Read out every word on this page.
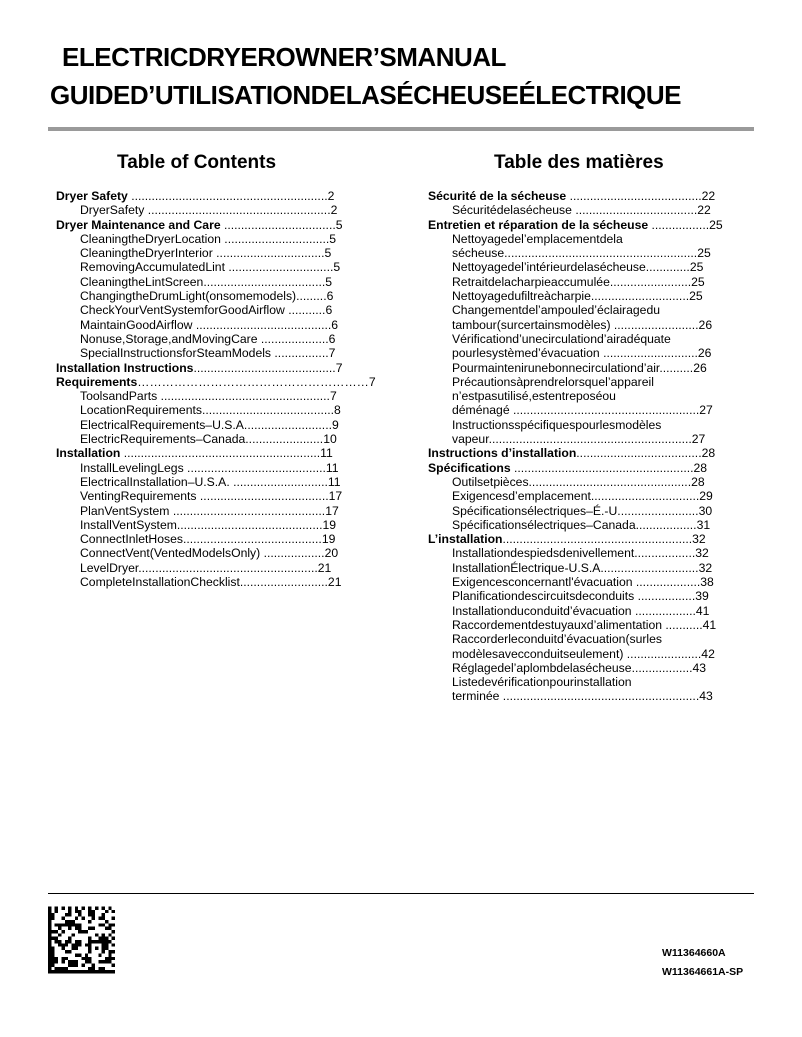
ELECTRICDRYEROWNER’SMANUAL
GUIDED’UTILISATIONDELASÉCHEUSEÉLECTRIQUE
Table of Contents	Table des matières
Dryer Safety ..........................................................2
DryerSafety ......................................................2
Dryer Maintenance and Care .................................5
CleaningtheDryerLocation ...............................5
CleaningtheDryerInterior ................................5
RemovingAccumulatedLint ...............................5
CleaningtheLintScreen....................................5
ChangingtheDrumLight(onsomemodels).........6
CheckYourVentSystemforGoodAirflow ...........6
MaintainGoodAirflow ........................................6
Nonuse,Storage,andMovingCare ....................6
SpecialInstructionsforSteamModels ................7
Installation Instructions..........................................7
Requirements…………………………………………………7
ToolsandParts ..................................................7
LocationRequirements.......................................8
ElectricalRequirements–U.S.A..........................9
ElectricRequirements–Canada.......................10
Installation ..........................................................11
InstallLevelingLegs .........................................11
ElectricalInstallation–U.S.A. ............................11
VentingRequirements ......................................17
PlanVentSystem .............................................17
InstallVentSystem...........................................19
ConnectInletHoses.........................................19
ConnectVent(VentedModelsOnly) ..................20
LevelDryer.....................................................21
CompleteInstallationChecklist..........................21
Sécurité de la sécheuse .......................................22
Sécuritédelasécheuse ....................................22
Entretien et réparation de la sécheuse .................25
Nettoyagedel’emplacementdela
sécheuse.........................................................25
Nettoyagedel’intérieurdelasécheuse.............25
Retraitdelacharpieaccumulée........................25
Nettoyagedufiltreàcharpie.............................25
Changementdel’ampouled’éclairagedu
tambour(surcertainsmodèles) .........................26
Vérificationd’unecirculationd’airadéquate
pourlesystèmed’évacuation ............................26
Pourmaintenirunebonnecirculationd’air..........26
Précautionsàprendrelorsquel’appareil
n’estpasutilisé,estentreposéou
déménagé .......................................................27
Instructionsspécifiquespourlesmodèles
vapeur............................................................27
Instructions d’installation.....................................28
Spécifications .....................................................28
Outilsetpièces................................................28
Exigencesd’emplacement................................29
Spécificationsélectriques–É.-U........................30
Spécificationsélectriques–Canada..................31
L’installation........................................................32
Installationdespiedsdenivellement..................32
InstallationÉlectrique-U.S.A.............................32
Exigencesconcernantl'évacuation ...................38
Planificationdescircuitsdeconduits .................39
Installationduconduitd’évacuation ..................41
Raccordementdestuyauxd’alimentation ...........41
Raccorderleconduitd’évacuation(surles
modèlesavecconduitseulement) ......................42
Réglagedel’aplombdelasécheuse..................43
Listedevérificationpourinstallation
terminée ..........................................................43
W11364660A
W11364661A-SP
